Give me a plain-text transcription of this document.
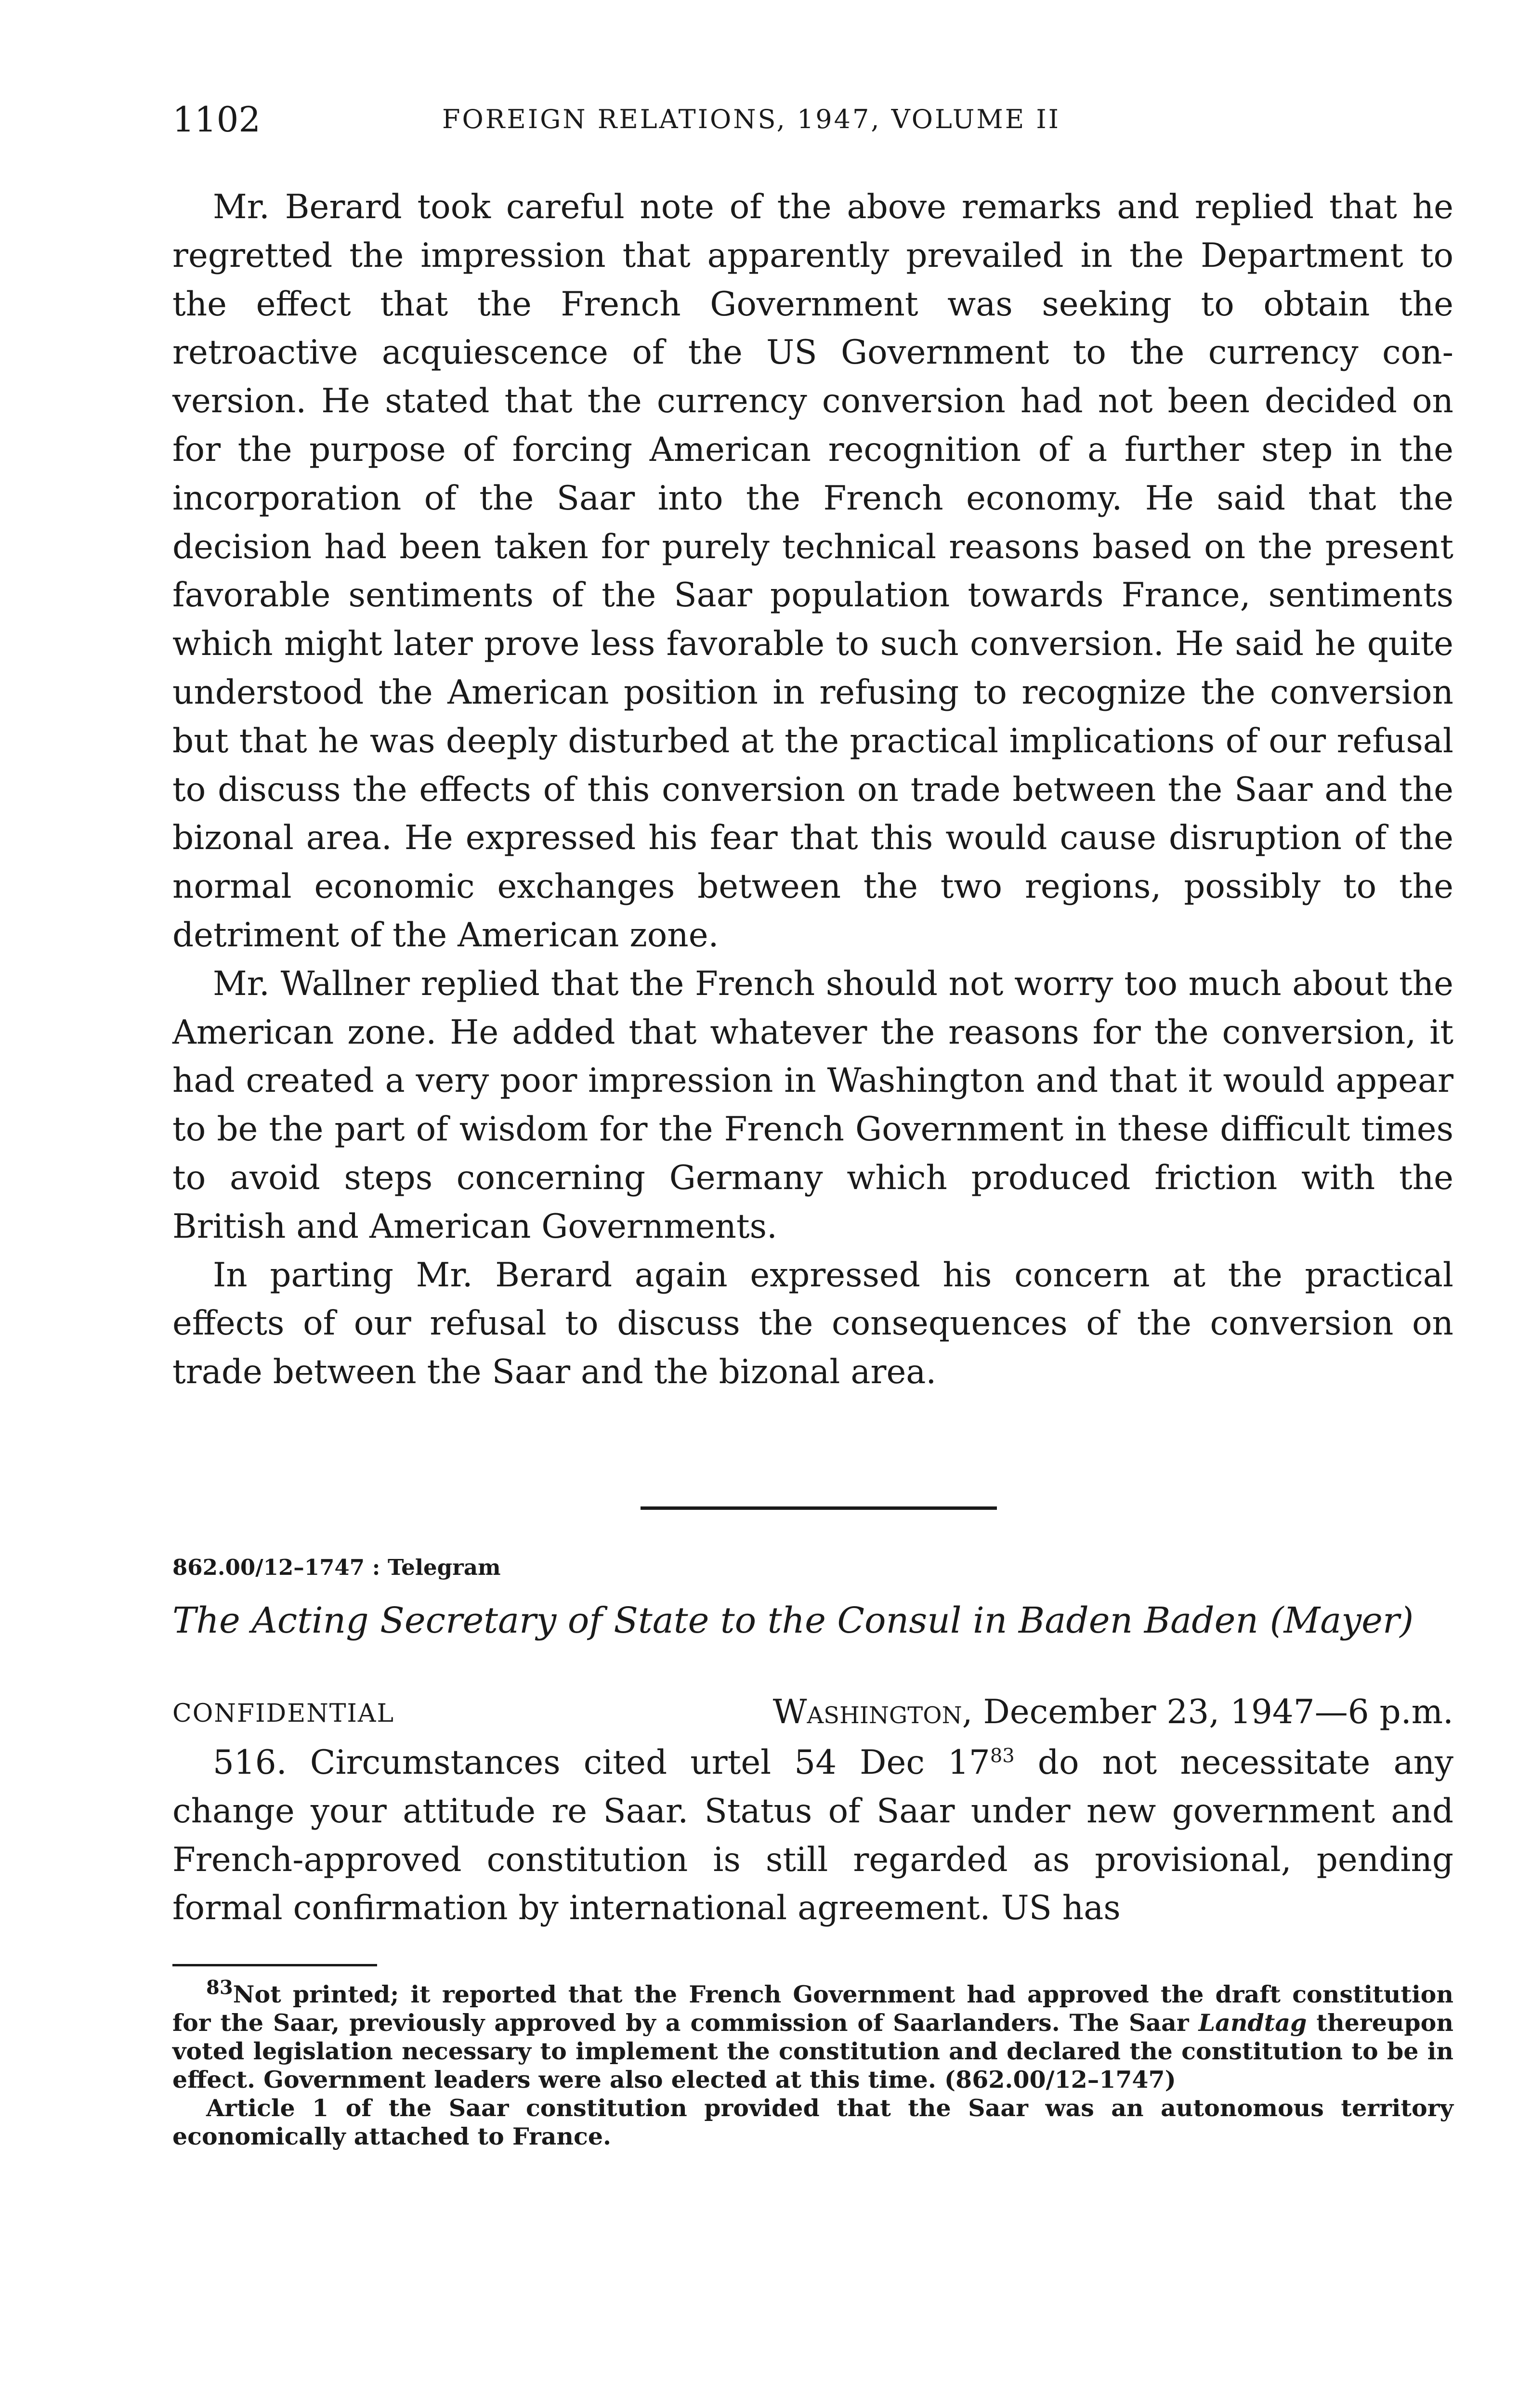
1102	FOREIGN RELATIONS, 1947, VOLUME II

Mr. Berard took careful note of the above remarks and replied that he regretted the impression that apparently prevailed in the Department to the effect that the French Government was seeking to obtain the retroactive acquiescence of the US Government to the currency conversion. He stated that the currency conversion had not been decided on for the purpose of forcing American recognition of a further step in the incorporation of the Saar into the French economy. He said that the decision had been taken for purely technical reasons based on the present favorable sentiments of the Saar population towards France, sentiments which might later prove less favorable to such conversion. He said he quite understood the American position in refusing to recognize the conversion but that he was deeply disturbed at the practical implications of our refusal to discuss the effects of this conversion on trade between the Saar and the bizonal area. He expressed his fear that this would cause disruption of the normal economic exchanges between the two regions, possibly to the detriment of the American zone.

Mr. Wallner replied that the French should not worry too much about the American zone. He added that whatever the reasons for the conversion, it had created a very poor impression in Washington and that it would appear to be the part of wisdom for the French Government in these difficult times to avoid steps concerning Germany which produced friction with the British and American Governments.

In parting Mr. Berard again expressed his concern at the practical effects of our refusal to discuss the consequences of the conversion on trade between the Saar and the bizonal area.

862.00/12–1747 : Telegram
The Acting Secretary of State to the Consul in Baden Baden (Mayer)
CONFIDENTIAL	Washington, December 23, 1947—6 p.m.

516. Circumstances cited urtel 54 Dec $17^{83}$ do not necessitate any change your attitude re Saar. Status of Saar under new government and French-approved constitution is still regarded as provisional, pending formal confirmation by international agreement. US has

$^{83}$Not printed; it reported that the French Government had approved the draft constitution for the Saar, previously approved by a commission of Saarlanders. The Saar Landtag thereupon voted legislation necessary to implement the constitution and declared the constitution to be in effect. Government leaders were also elected at this time. (862.00/12–1747)

Article 1 of the Saar constitution provided that the Saar was an autonomous territory economically attached to France.
